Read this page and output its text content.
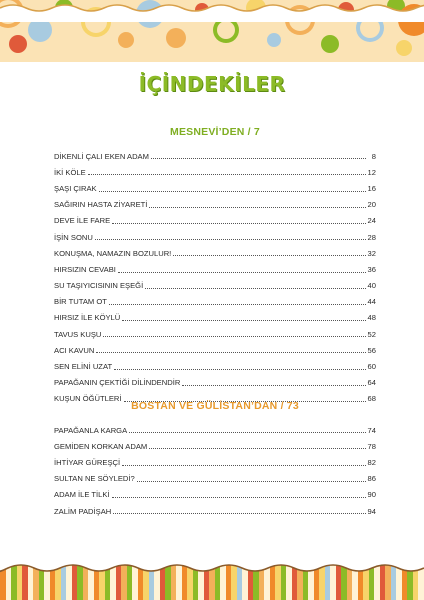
İÇİNDEKİLER
MESNEVİ’DEN / 7
DİKENLİ ÇALI EKEN ADAM	8
İKİ KÖLE	12
ŞAŞI ÇIRAK	16
SAĞIRIN HASTA ZİYARETİ	20
DEVE İLE FARE	24
İŞİN SONU	28
KONUŞMA, NAMAZIN BOZULUR!	32
HIRSIZIN CEVABI	36
SU TAŞIYICISININ EŞEĞİ	40
BİR TUTAM OT	44
HIRSIZ İLE KÖYLÜ	48
TAVUS KUŞU	52
ACI KAVUN	56
SEN ELİNİ UZAT	60
PAPAĞANIN ÇEKTİĞİ DİLİNDENDİR	64
KUŞUN ÖĞÜTLERİ	68
BOSTAN VE GÜLİSTAN’DAN / 73
PAPAĞANLA KARGA	74
GEMİDEN KORKAN ADAM	78
İHTİYAR GÜREŞÇİ	82
SULTAN NE SÖYLEDİ?	86
ADAM İLE TİLKİ	90
ZALİM PADİŞAH	94
